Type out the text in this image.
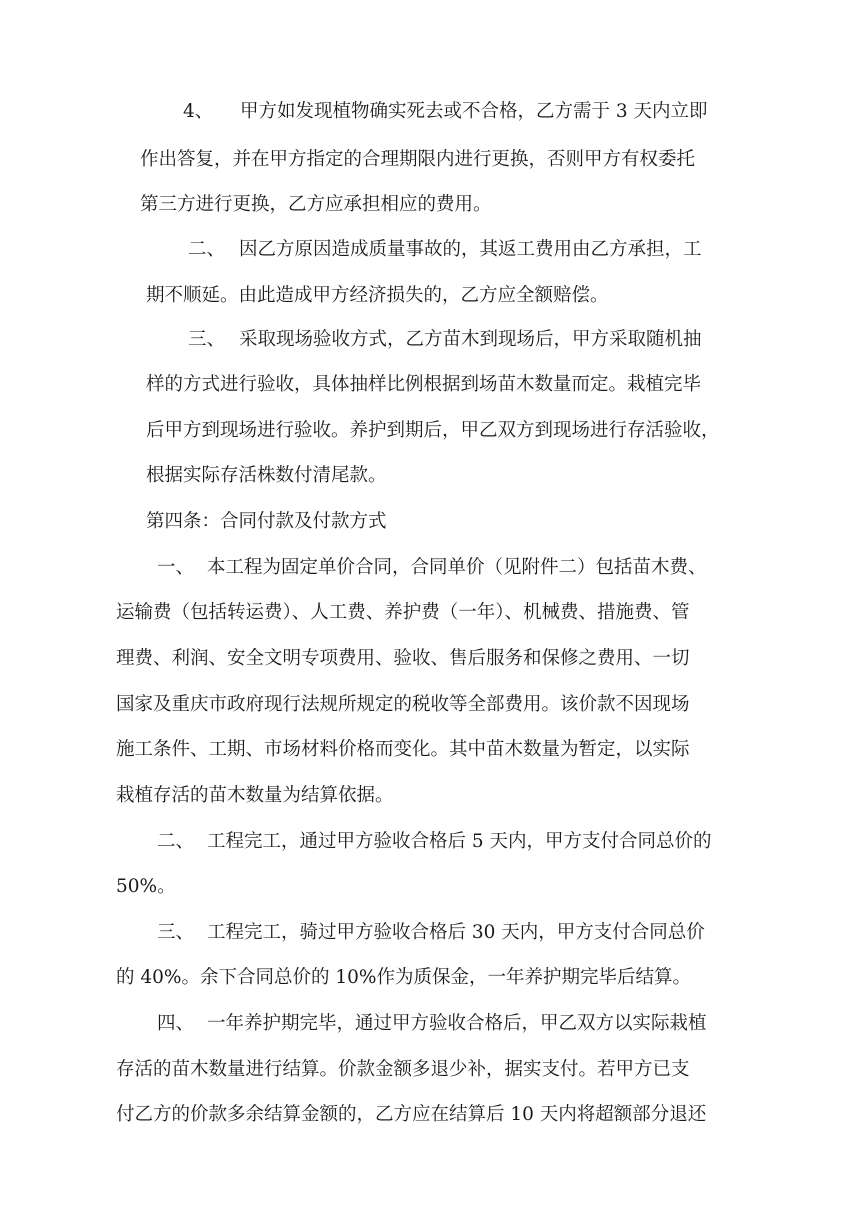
4、 甲方如发现植物确实死去或不合格，乙方需于 3 天内立即
作出答复，并在甲方指定的合理期限内进行更换，否则甲方有权委托
第三方进行更换，乙方应承担相应的费用。
二、 因乙方原因造成质量事故的，其返工费用由乙方承担，工
期不顺延。由此造成甲方经济损失的，乙方应全额赔偿。
三、 采取现场验收方式，乙方苗木到现场后，甲方采取随机抽
样的方式进行验收，具体抽样比例根据到场苗木数量而定。栽植完毕
后甲方到现场进行验收。养护到期后，甲乙双方到现场进行存活验收，
根据实际存活株数付清尾款。
第四条：合同付款及付款方式
一、 本工程为固定单价合同，合同单价（见附件二）包括苗木费、
运输费（包括转运费）、人工费、养护费（一年）、机械费、措施费、管
理费、利润、安全文明专项费用、验收、售后服务和保修之费用、一切
国家及重庆市政府现行法规所规定的税收等全部费用。该价款不因现场
施工条件、工期、市场材料价格而变化。其中苗木数量为暂定，以实际
栽植存活的苗木数量为结算依据。
二、 工程完工，通过甲方验收合格后 5 天内，甲方支付合同总价的
50%。
三、 工程完工，骑过甲方验收合格后 30 天内，甲方支付合同总价
的 40%。余下合同总价的 10%作为质保金，一年养护期完毕后结算。
四、 一年养护期完毕，通过甲方验收合格后，甲乙双方以实际栽植
存活的苗木数量进行结算。价款金额多退少补，据实支付。若甲方已支
付乙方的价款多余结算金额的，乙方应在结算后 10 天内将超额部分退还
